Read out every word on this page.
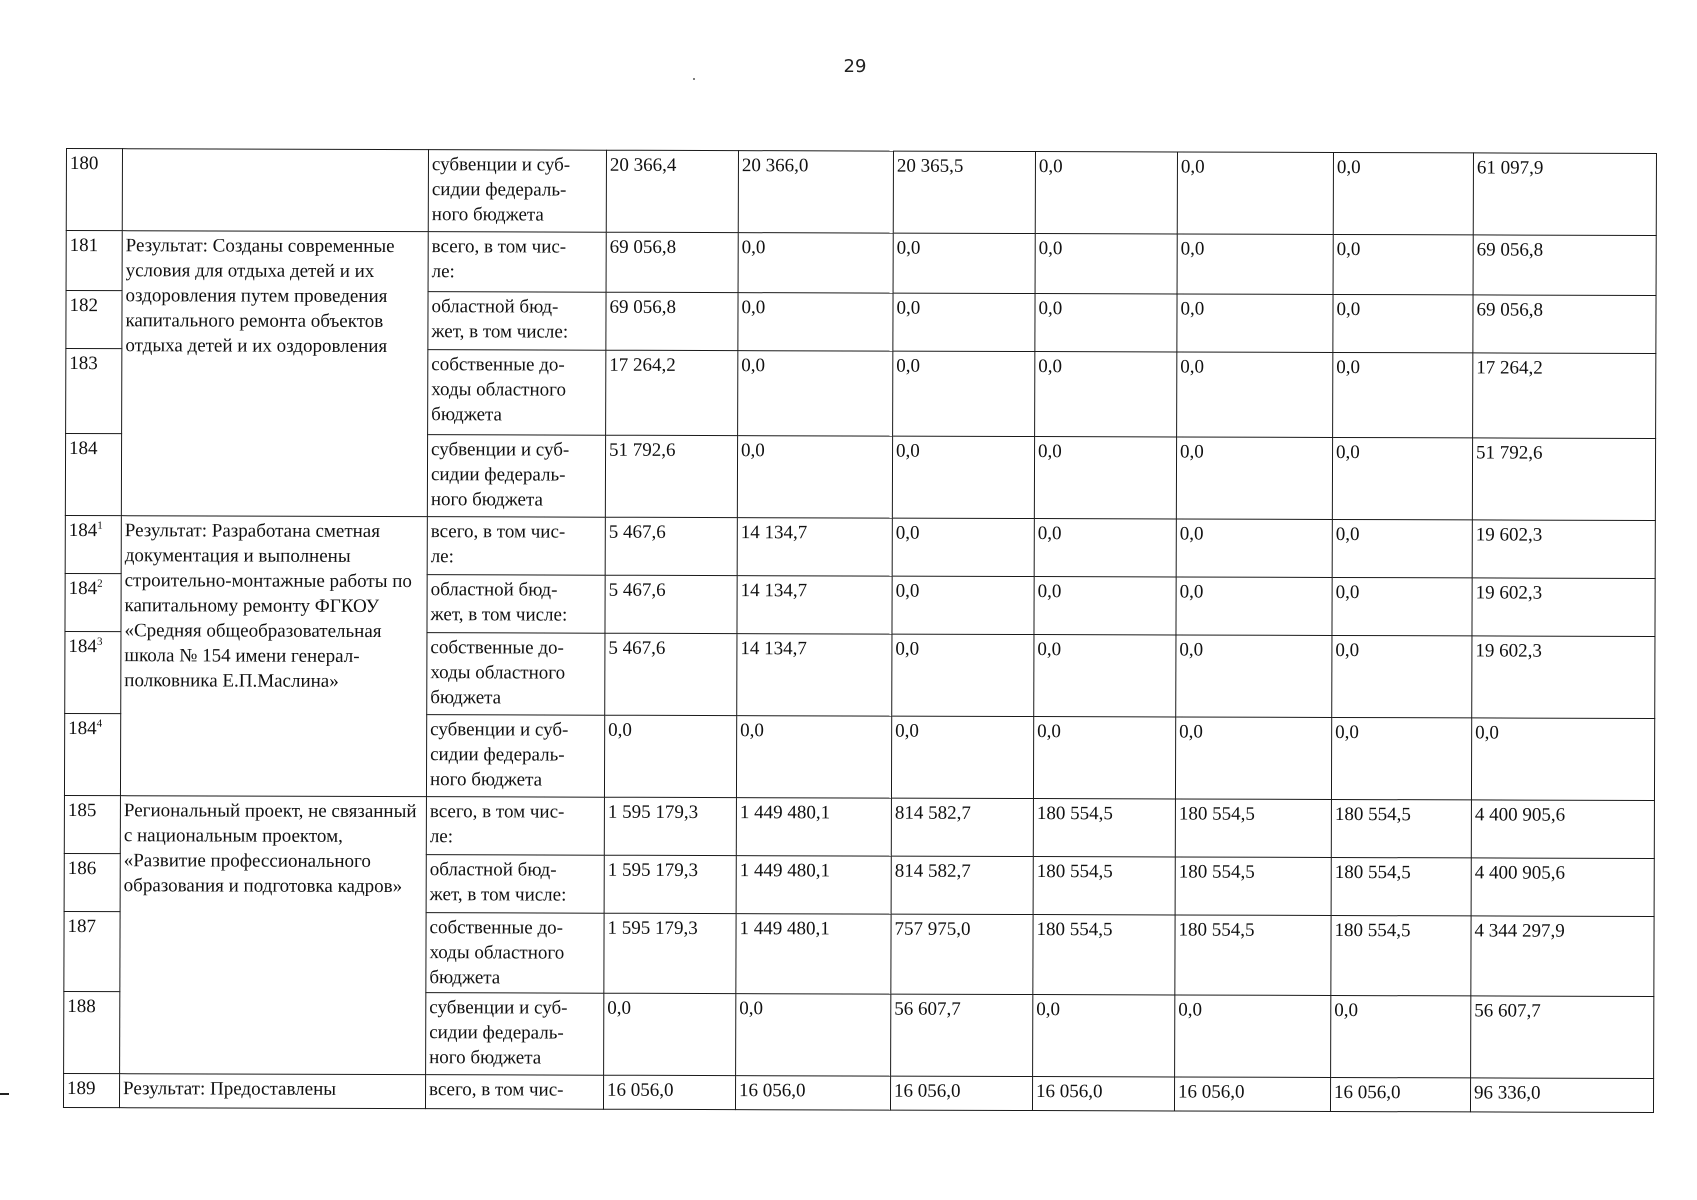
29
180		субвенции и суб-
сидии федераль-
ного бюджета	20 366,4	20 366,0	20 365,5	0,0	0,0	0,0	61 097,9
181	Результат: Созданы современные условия для отдыха детей и их оздоровления путем проведения капитального ремонта объектов отдыха детей и их оздоровления	всего, в том чис-
ле:	69 056,8	0,0	0,0	0,0	0,0	0,0	69 056,8
182		областной бюд-
жет, в том числе:	69 056,8	0,0	0,0	0,0	0,0	0,0	69 056,8
183		собственные до-
ходы областного
бюджета	17 264,2	0,0	0,0	0,0	0,0	0,0	17 264,2
184		субвенции и суб-
сидии федераль-
ного бюджета	51 792,6	0,0	0,0	0,0	0,0	0,0	51 792,6
$184^1$	Результат: Разработана сметная документация и выполнены строительно-монтажные работы по капитальному ремонту ФГКОУ «Средняя общеобразовательная школа № 154 имени генерал-полковника Е.П.Маслина»	всего, в том чис-
ле:	5 467,6	14 134,7	0,0	0,0	0,0	0,0	19 602,3
$184^2$		областной бюд-
жет, в том числе:	5 467,6	14 134,7	0,0	0,0	0,0	0,0	19 602,3
$184^3$		собственные до-
ходы областного
бюджета	5 467,6	14 134,7	0,0	0,0	0,0	0,0	19 602,3
$184^4$		субвенции и суб-
сидии федераль-
ного бюджета	0,0	0,0	0,0	0,0	0,0	0,0	0,0
185	Региональный проект, не связанный с национальным проектом, «Развитие профессионального образования и подготовка кадров»	всего, в том чис-
ле:	1 595 179,3	1 449 480,1	814 582,7	180 554,5	180 554,5	180 554,5	4 400 905,6
186		областной бюд-
жет, в том числе:	1 595 179,3	1 449 480,1	814 582,7	180 554,5	180 554,5	180 554,5	4 400 905,6
187		собственные до-
ходы областного
бюджета	1 595 179,3	1 449 480,1	757 975,0	180 554,5	180 554,5	180 554,5	4 344 297,9
188		субвенции и суб-
сидии федераль-
ного бюджета	0,0	0,0	56 607,7	0,0	0,0	0,0	56 607,7
189	Результат: Предоставлены	всего, в том чис-	16 056,0	16 056,0	16 056,0	16 056,0	16 056,0	16 056,0	96 336,0
